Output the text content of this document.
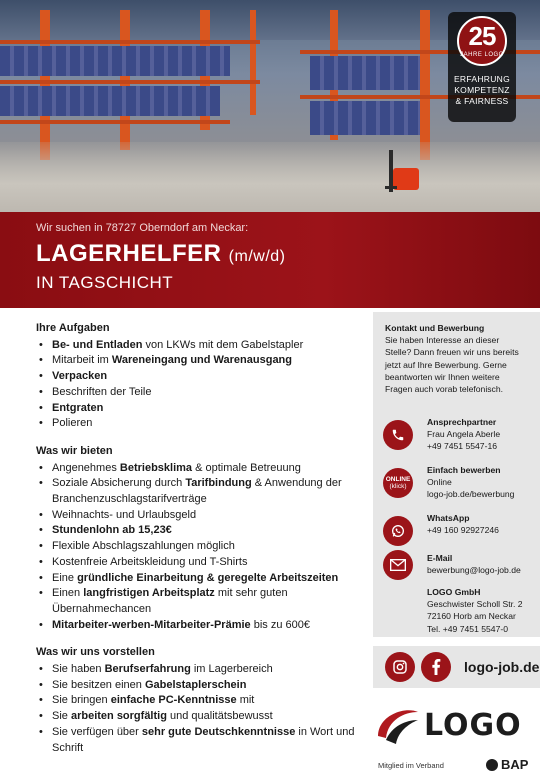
25
JAHRE LOGO
ERFAHRUNG
KOMPETENZ
& FAIRNESS
Wir suchen in 78727 Oberndorf am Neckar:
LAGERHELFER (m/w/d)
IN TAGSCHICHT
Ihre Aufgaben
• Be- und Entladen von LKWs mit dem Gabelstapler
• Mitarbeit im Wareneingang und Warenausgang
• Verpacken
• Beschriften der Teile
• Entgraten
• Polieren
Was wir bieten
• Angenehmes Betriebsklima & optimale Betreuung
• Soziale Absicherung durch Tarifbindung & Anwendung der Branchenzuschlagstarifverträge
• Weihnachts- und Urlaubsgeld
• Stundenlohn ab 15,23€
• Flexible Abschlagszahlungen möglich
• Kostenfreie Arbeitskleidung und T-Shirts
• Eine gründliche Einarbeitung & geregelte Arbeitszeiten
• Einen langfristigen Arbeitsplatz mit sehr guten Übernahmechancen
• Mitarbeiter-werben-Mitarbeiter-Prämie bis zu 600€
Was wir uns vorstellen
• Sie haben Berufserfahrung im Lagerbereich
• Sie besitzen einen Gabelstaplerschein
• Sie bringen einfache PC-Kenntnisse mit
• Sie arbeiten sorgfältig und qualitätsbewusst
• Sie verfügen über sehr gute Deutschkenntnisse in Wort und Schrift
Kontakt und Bewerbung
Sie haben Interesse an dieser Stelle? Dann freuen wir uns bereits jetzt auf Ihre Bewerbung. Gerne beantworten wir Ihnen weitere Fragen auch vorab telefonisch.
Ansprechpartner
Frau Angela Aberle
+49 7451 5547-16
ONLINE
(klick)
Einfach bewerben
Online
logo-job.de/bewerbung
WhatsApp
+49 160 92927246
E-Mail
bewerbung@logo-job.de
LOGO GmbH
Geschwister Scholl Str. 2
72160 Horb am Neckar
Tel. +49 7451 5547-0
logo-job.de
LOGO
Mitglied im Verband	BAP
